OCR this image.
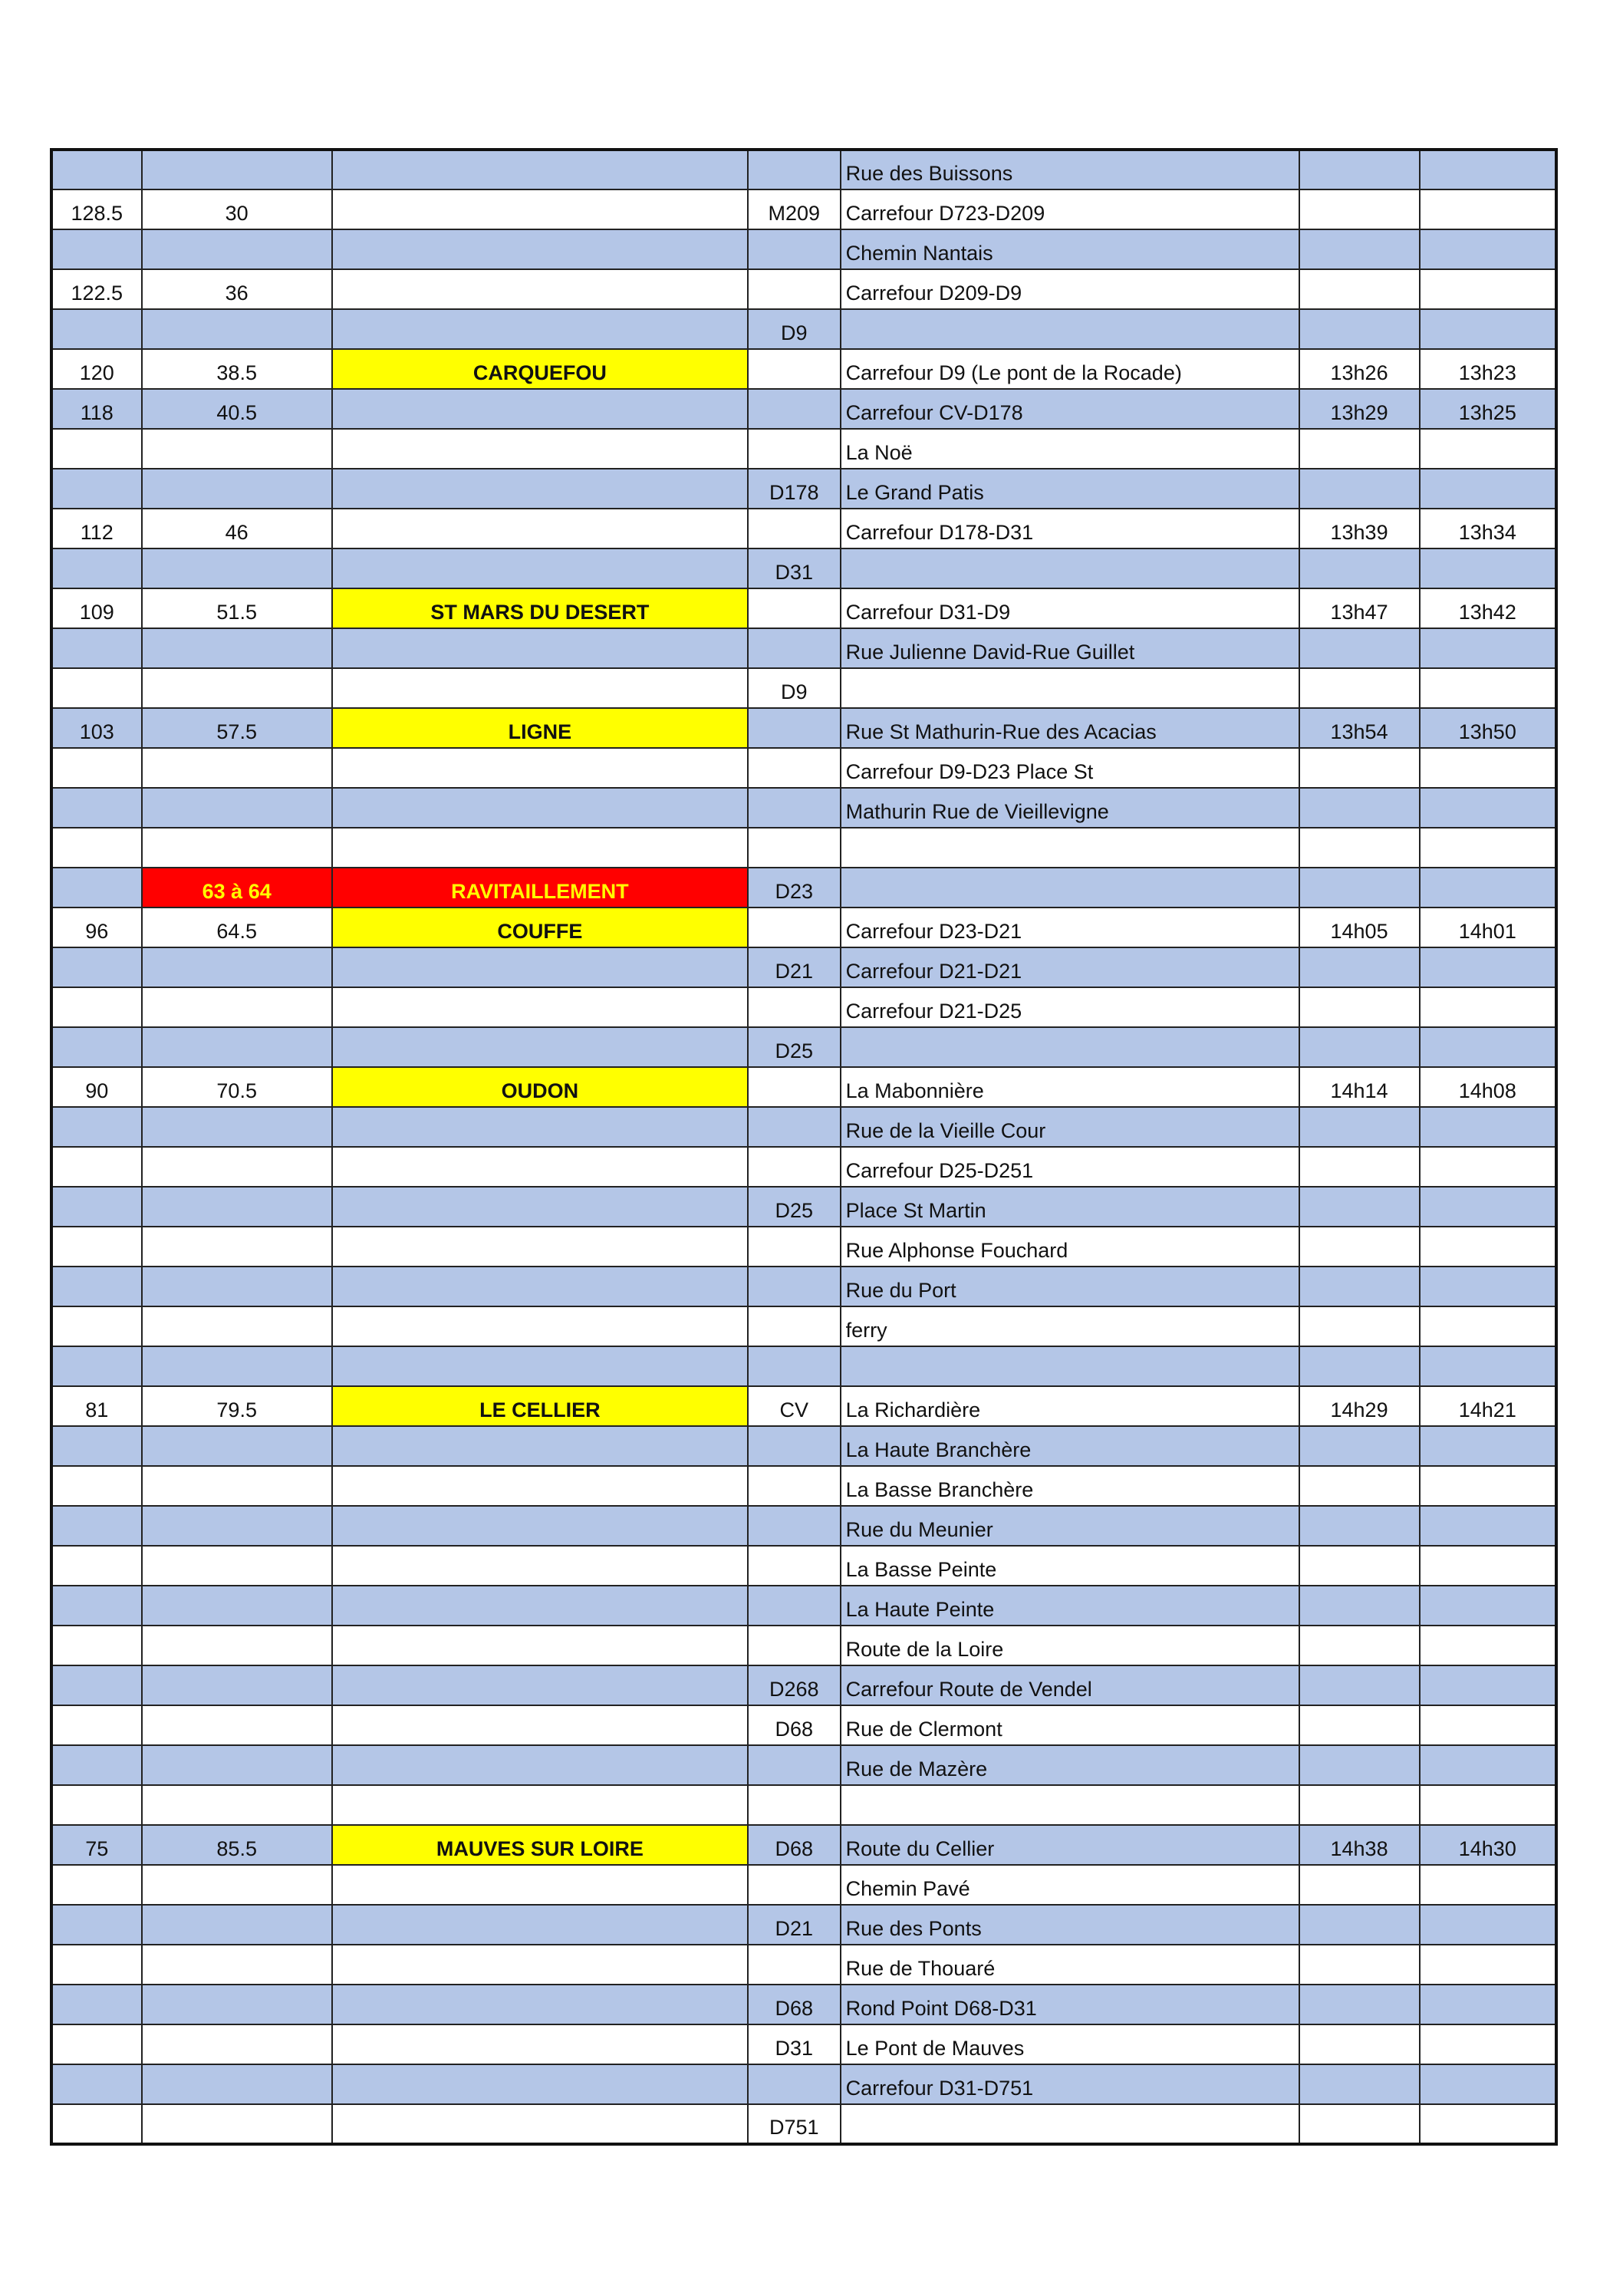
				Rue des Buissons		
128.5	30		M209	Carrefour D723-D209		
				Chemin Nantais		
122.5	36			Carrefour D209-D9		
			D9			
120	38.5	CARQUEFOU		Carrefour D9 (Le pont de la Rocade)	13h26	13h23
118	40.5			Carrefour CV-D178	13h29	13h25
				La Noë		
			D178	Le Grand Patis		
112	46			Carrefour D178-D31	13h39	13h34
			D31			
109	51.5	ST MARS DU DESERT		Carrefour D31-D9	13h47	13h42
				Rue Julienne David-Rue Guillet		
			D9			
103	57.5	LIGNE		Rue St Mathurin-Rue des Acacias	13h54	13h50
				Carrefour D9-D23 Place St		
				Mathurin Rue de Vieillevigne		

	63 à 64	RAVITAILLEMENT	D23			
96	64.5	COUFFE		Carrefour D23-D21	14h05	14h01
			D21	Carrefour D21-D21		
				Carrefour D21-D25		
			D25			
90	70.5	OUDON		La Mabonnière	14h14	14h08
				Rue de la Vieille Cour		
				Carrefour D25-D251		
			D25	Place St Martin		
				Rue Alphonse Fouchard		
				Rue du Port		
				ferry		

81	79.5	LE CELLIER	CV	La Richardière	14h29	14h21
				La Haute Branchère		
				La Basse Branchère		
				Rue du Meunier		
				La Basse Peinte		
				La Haute Peinte		
				Route de la Loire		
			D268	Carrefour Route de Vendel		
			D68	Rue de Clermont		
				Rue de Mazère		

75	85.5	MAUVES SUR LOIRE	D68	Route du Cellier	14h38	14h30
				Chemin Pavé		
			D21	Rue des Ponts		
				Rue de Thouaré		
			D68	Rond Point D68-D31		
			D31	Le Pont de Mauves		
				Carrefour D31-D751		
			D751			
